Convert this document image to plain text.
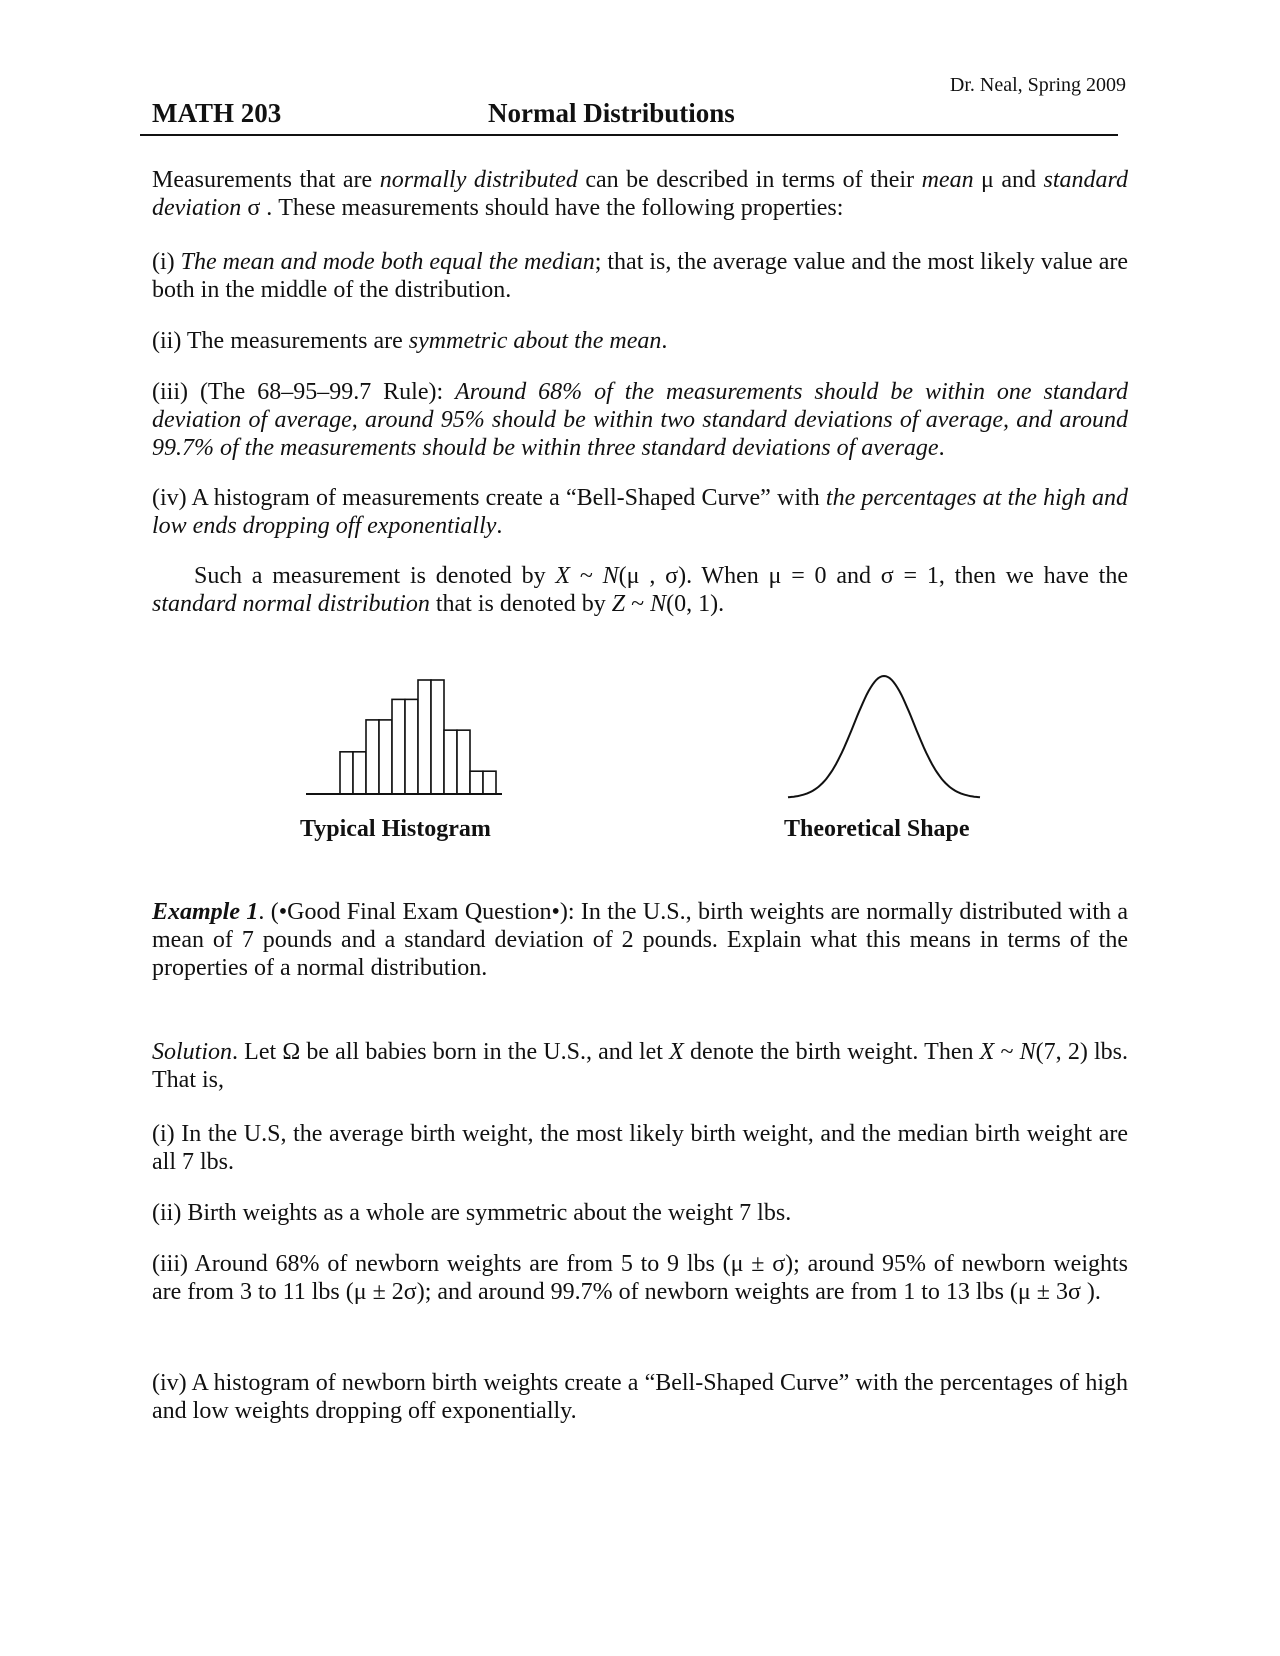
Dr. Neal, Spring 2009
MATH 203	Normal Distributions
Measurements that are normally distributed can be described in terms of their mean μ and standard deviation σ . These measurements should have the following properties:
(i) The mean and mode both equal the median; that is, the average value and the most likely value are both in the middle of the distribution.
(ii) The measurements are symmetric about the mean.
(iii) (The 68–95–99.7 Rule): Around 68% of the measurements should be within one standard deviation of average, around 95% should be within two standard deviations of average, and around 99.7% of the measurements should be within three standard deviations of average.
(iv) A histogram of measurements create a “Bell-Shaped Curve” with the percentages at the high and low ends dropping off exponentially.
Such a measurement is denoted by X ~ N(μ , σ). When μ = 0 and σ = 1, then we have the standard normal distribution that is denoted by Z ~ N(0, 1).
Typical Histogram	Theoretical Shape
Example 1. (•Good Final Exam Question•): In the U.S., birth weights are normally distributed with a mean of 7 pounds and a standard deviation of 2 pounds. Explain what this means in terms of the properties of a normal distribution.
Solution. Let Ω be all babies born in the U.S., and let X denote the birth weight. Then X ~ N(7, 2) lbs. That is,
(i) In the U.S, the average birth weight, the most likely birth weight, and the median birth weight are all 7 lbs.
(ii) Birth weights as a whole are symmetric about the weight 7 lbs.
(iii) Around 68% of newborn weights are from 5 to 9 lbs (μ ± σ); around 95% of newborn weights are from 3 to 11 lbs (μ ± 2σ); and around 99.7% of newborn weights are from 1 to 13 lbs (μ ± 3σ ).
(iv) A histogram of newborn birth weights create a “Bell-Shaped Curve” with the percentages of high and low weights dropping off exponentially.
